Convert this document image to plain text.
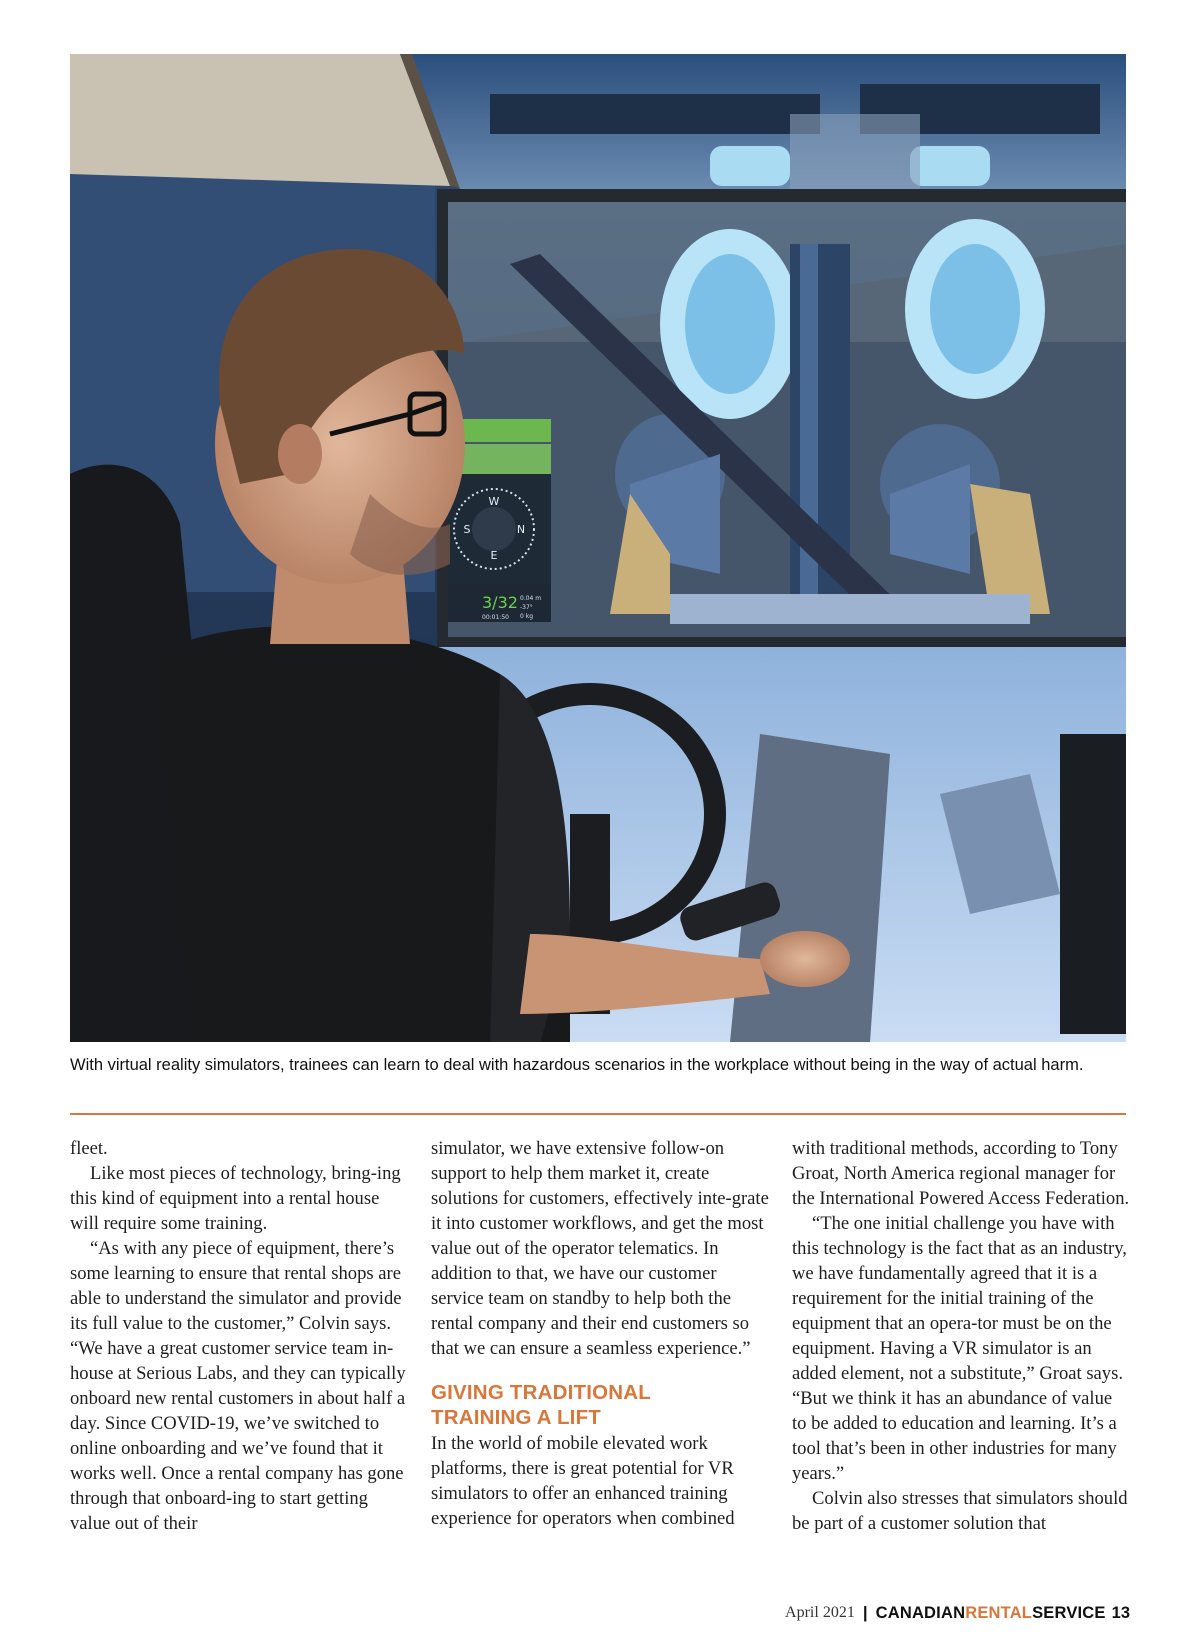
W
N
E
S
3/32
00:01:50
0.04 m
-37°
0 kg
With virtual reality simulators, trainees can learn to deal with hazardous scenarios in the workplace without being in the way of actual harm.

fleet.

Like most pieces of technology, bring-ing this kind of equipment into a rental house will require some training.

“As with any piece of equipment, there’s some learning to ensure that rental shops are able to understand the simulator and provide its full value to the customer,” Colvin says. “We have a great customer service team in-house at Serious Labs, and they can typically onboard new rental customers in about half a day. Since COVID-19, we’ve switched to online onboarding and we’ve found that it works well. Once a rental company has gone through that onboard-ing to start getting value out of their

simulator, we have extensive follow-on support to help them market it, create solutions for customers, effectively inte-grate it into customer workflows, and get the most value out of the operator telematics. In addition to that, we have our customer service team on standby to help both the rental company and their end customers so that we can ensure a seamless experience.”

GIVING TRADITIONAL
TRAINING A LIFT

In the world of mobile elevated work platforms, there is great potential for VR simulators to offer an enhanced training experience for operators when combined

with traditional methods, according to Tony Groat, North America regional manager for the International Powered Access Federation.

“The one initial challenge you have with this technology is the fact that as an industry, we have fundamentally agreed that it is a requirement for the initial training of the equipment that an opera-tor must be on the equipment. Having a VR simulator is an added element, not a substitute,” Groat says. “But we think it has an abundance of value to be added to education and learning. It’s a tool that’s been in other industries for many years.”

Colvin also stresses that simulators should be part of a customer solution that

April 2021 | CANADIANRENTALSERVICE 13
